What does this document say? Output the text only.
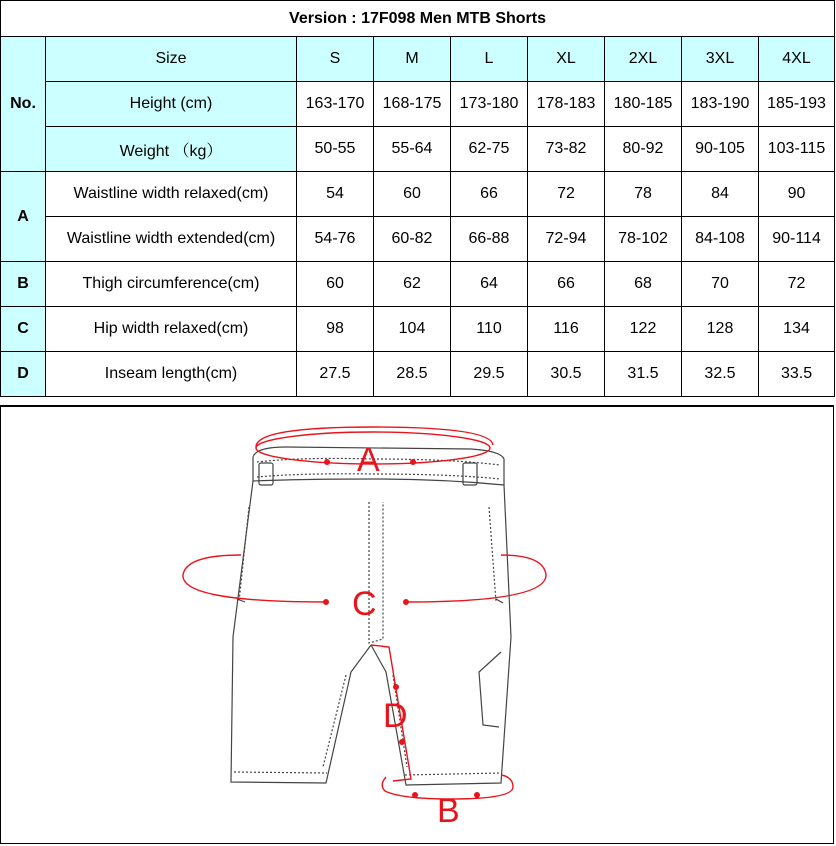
Version : 17F098 Men MTB Shorts								
No.	Size	S	M	L	XL	2XL	3XL	4XL
	Height (cm)	163-170	168-175	173-180	178-183	180-185	183-190	185-193
	Weight （kg）	50-55	55-64	62-75	73-82	80-92	90-105	103-115
A	Waistline width relaxed(cm)	54	60	66	72	78	84	90
	Waistline width extended(cm)	54-76	60-82	66-88	72-94	78-102	84-108	90-114
B	Thigh circumference(cm)	60	62	64	66	68	70	72
C	Hip width relaxed(cm)	98	104	110	116	122	128	134
D	Inseam length(cm)	27.5	28.5	29.5	30.5	31.5	32.5	33.5
A
C
D
B
